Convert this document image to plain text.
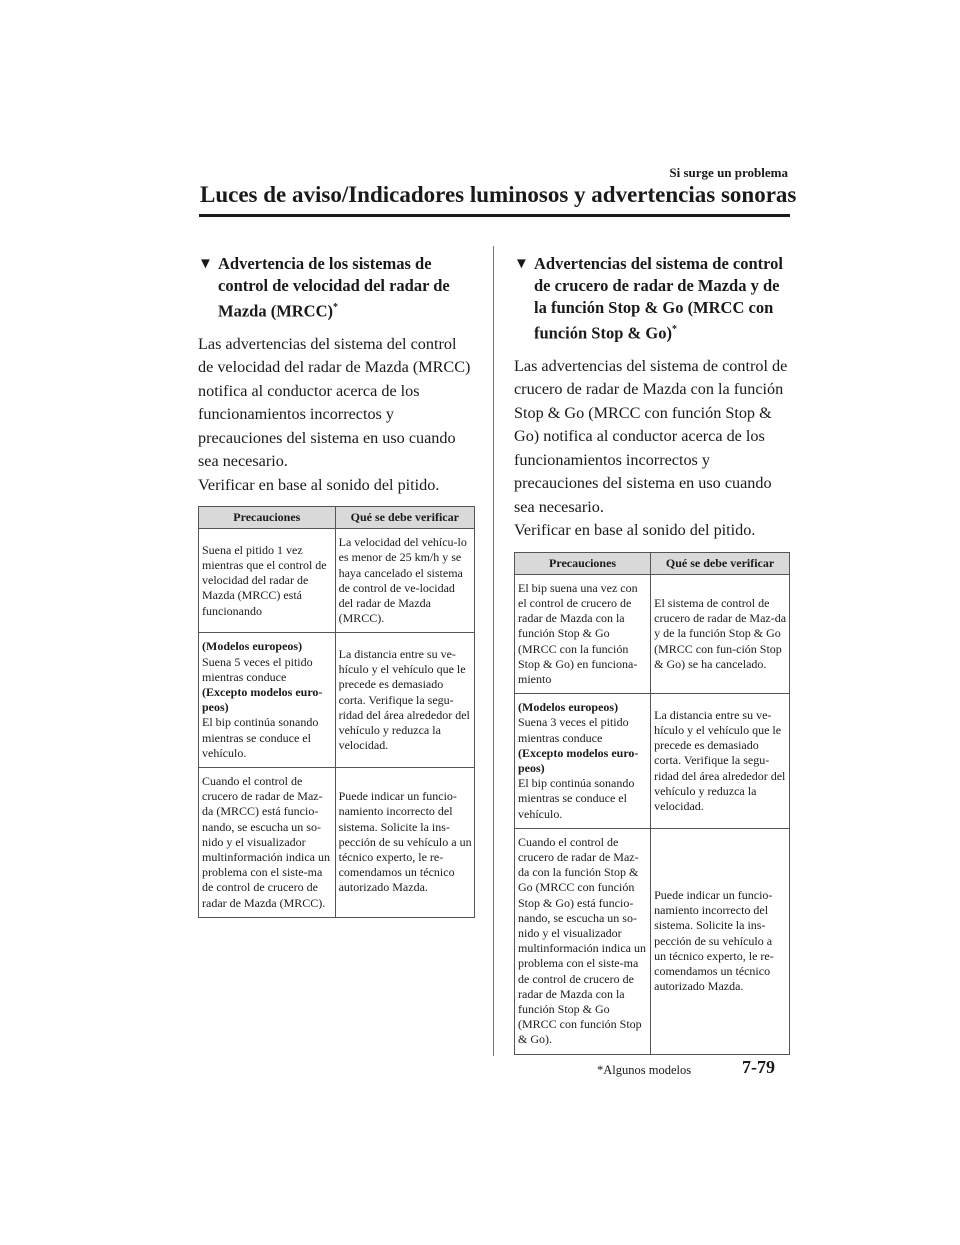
Si surge un problema
Luces de aviso/Indicadores luminosos y advertencias sonoras
▼ Advertencia de los sistemas de control de velocidad del radar de Mazda (MRCC)*
Las advertencias del sistema del control de velocidad del radar de Mazda (MRCC) notifica al conductor acerca de los funcionamientos incorrectos y precauciones del sistema en uso cuando sea necesario.
Verificar en base al sonido del pitido.
Precauciones	Qué se debe verificar
Suena el pitido 1 vez mientras que el control de velocidad del radar de Mazda (MRCC) está funcionando	La velocidad del vehícu-lo es menor de 25 km/h y se haya cancelado el sistema de control de ve-locidad del radar de Mazda (MRCC).

(Modelos europeos)
Suena 5 veces el pitido mientras conduce
(Excepto modelos euro-peos)
El bip continúa sonando mientras se conduce el vehículo.	La distancia entre su ve-hículo y el vehículo que le precede es demasiado corta. Verifique la segu-ridad del área alrededor del vehículo y reduzca la velocidad.
Cuando el control de crucero de radar de Maz-da (MRCC) está funcio-nando, se escucha un so-nido y el visualizador multinformación indica un problema con el siste-ma de control de crucero de radar de Mazda (MRCC).	Puede indicar un funcio-namiento incorrecto del sistema. Solicite la ins-pección de su vehículo a un técnico experto, le re-comendamos un técnico autorizado Mazda.
▼ Advertencias del sistema de control de crucero de radar de Mazda y de la función Stop & Go (MRCC con función Stop & Go)*
Las advertencias del sistema de control de crucero de radar de Mazda con la función Stop & Go (MRCC con función Stop & Go) notifica al conductor acerca de los funcionamientos incorrectos y precauciones del sistema en uso cuando sea necesario.
Verificar en base al sonido del pitido.
Precauciones	Qué se debe verificar
El bip suena una vez con el control de crucero de radar de Mazda con la función Stop & Go (MRCC con la función Stop & Go) en funciona-miento	El sistema de control de crucero de radar de Maz-da y de la función Stop & Go (MRCC con fun-ción Stop & Go) se ha cancelado.

(Modelos europeos)
Suena 3 veces el pitido mientras conduce
(Excepto modelos euro-peos)
El bip continúa sonando mientras se conduce el vehículo.	La distancia entre su ve-hículo y el vehículo que le precede es demasiado corta. Verifique la segu-ridad del área alrededor del vehículo y reduzca la velocidad.
Cuando el control de crucero de radar de Maz-da con la función Stop & Go (MRCC con función Stop & Go) está funcio-nando, se escucha un so-nido y el visualizador multinformación indica un problema con el siste-ma de control de crucero de radar de Mazda con la función Stop & Go (MRCC con función Stop & Go).	Puede indicar un funcio-namiento incorrecto del sistema. Solicite la ins-pección de su vehículo a un técnico experto, le re-comendamos un técnico autorizado Mazda.
*Algunos modelos	7-79
